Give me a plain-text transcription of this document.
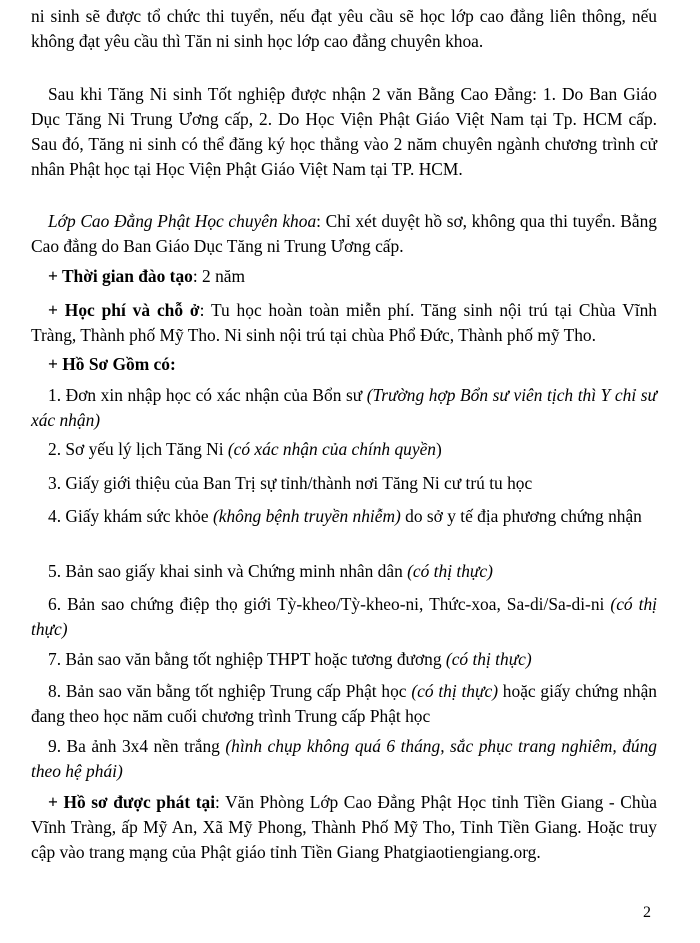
ni sinh sẽ được tổ chức thi tuyển, nếu đạt yêu cầu sẽ học lớp cao đẳng liên thông, nếu không đạt yêu cầu thì Tăn ni sinh học lớp cao đẳng chuyên khoa.

Sau khi Tăng Ni sinh Tốt nghiệp được nhận 2 văn Bằng Cao Đẳng: 1. Do Ban Giáo Dục Tăng Ni Trung Ương cấp, 2. Do Học Viện Phật Giáo Việt Nam tại Tp. HCM cấp. Sau đó, Tăng ni sinh có thể đăng ký học thẳng vào 2 năm chuyên ngành chương trình cử nhân Phật học tại Học Viện Phật Giáo Việt Nam tại TP. HCM.

Lớp Cao Đẳng Phật Học chuyên khoa: Chỉ xét duyệt hồ sơ, không qua thi tuyển. Bằng Cao đẳng do Ban Giáo Dục Tăng ni Trung Ương cấp.

+ Thời gian đào tạo: 2 năm

+ Học phí và chỗ ở: Tu học hoàn toàn miễn phí. Tăng sinh nội trú tại Chùa Vĩnh Tràng, Thành phố Mỹ Tho. Ni sinh nội trú tại chùa Phổ Đức, Thành phố mỹ Tho.

+ Hồ Sơ Gồm có:

1. Đơn xin nhập học có xác nhận của Bổn sư (Trường hợp Bổn sư viên tịch thì Y chỉ sư xác nhận)

2. Sơ yếu lý lịch Tăng Ni (có xác nhận của chính quyền)

3. Giấy giới thiệu của Ban Trị sự tỉnh/thành nơi Tăng Ni cư trú tu học

4. Giấy khám sức khỏe (không bệnh truyền nhiễm) do sở y tế địa phương chứng nhận

5. Bản sao giấy khai sinh và Chứng minh nhân dân (có thị thực)

6. Bản sao chứng điệp thọ giới Tỳ-kheo/Tỳ-kheo-ni, Thức-xoa, Sa-di/Sa-di-ni (có thị thực)

7. Bản sao văn bằng tốt nghiệp THPT hoặc tương đương (có thị thực)

8. Bản sao văn bằng tốt nghiệp Trung cấp Phật học (có thị thực) hoặc giấy chứng nhận đang theo học năm cuối chương trình Trung cấp Phật học

9. Ba ảnh 3x4 nền trắng (hình chụp không quá 6 tháng, sắc phục trang nghiêm, đúng theo hệ phái)

+ Hồ sơ được phát tại: Văn Phòng Lớp Cao Đẳng Phật Học tỉnh Tiền Giang - Chùa Vĩnh Tràng, ấp Mỹ An, Xã Mỹ Phong, Thành Phố Mỹ Tho, Tỉnh Tiền Giang. Hoặc truy cập vào trang mạng của Phật giáo tỉnh Tiền Giang Phatgiaotiengiang.org.

2
